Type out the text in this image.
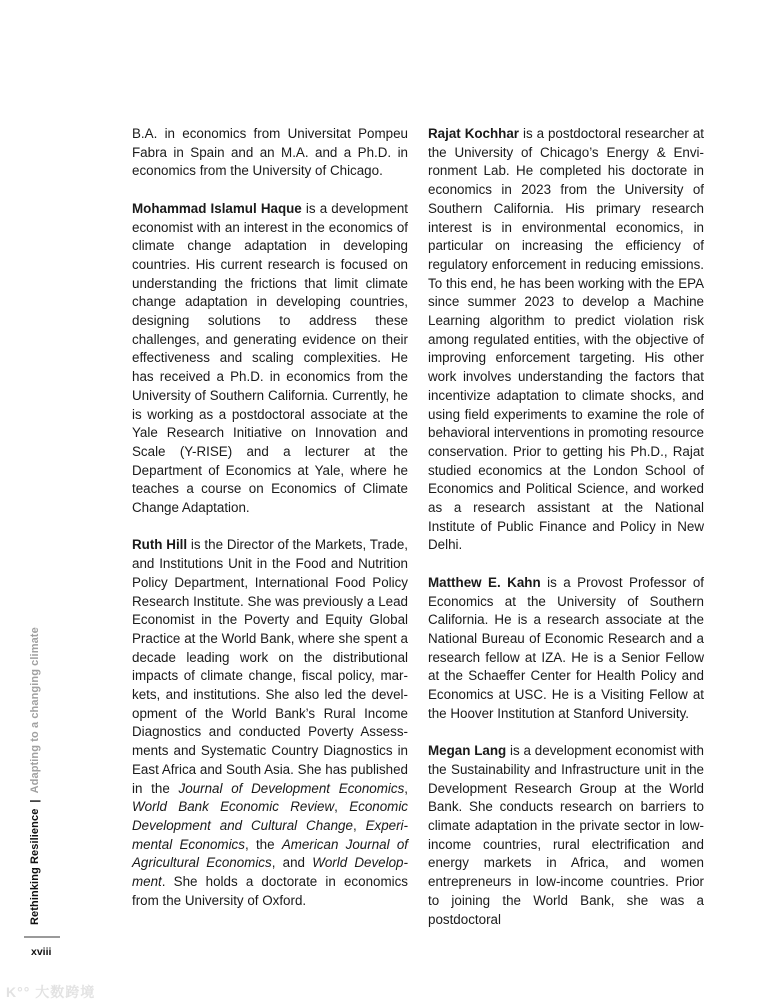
B.A. in economics from Universitat Pompeu Fabra in Spain and an M.A. and a Ph.D. in economics from the University of Chicago.

Mohammad Islamul Haque is a development economist with an interest in the economics of climate change adaptation in developing countries. His current research is focused on understanding the frictions that limit climate change adaptation in developing countries, designing solutions to address these challenges, and generating evidence on their effectiveness and scaling complexities. He has received a Ph.D. in economics from the University of Southern California. Currently, he is working as a postdoctoral associate at the Yale Research Initiative on Innovation and Scale (Y-RISE) and a lecturer at the Department of Economics at Yale, where he teaches a course on Economics of Climate Change Adaptation.

Ruth Hill is the Director of the Markets, Trade, and Institutions Unit in the Food and Nutrition Policy Department, International Food Policy Research Institute. She was previously a Lead Economist in the Poverty and Equity Global Practice at the World Bank, where she spent a decade leading work on the distributional impacts of climate change, fiscal policy, markets, and institutions. She also led the development of the World Bank’s Rural Income Diagnostics and conducted Poverty Assessments and Systematic Country Diagnostics in East Africa and South Asia. She has published in the Journal of Development Economics, World Bank Economic Review, Economic Development and Cultural Change, Experimental Economics, the American Journal of Agricultural Economics, and World Development. She holds a doctorate in economics from the University of Oxford.

Rajat Kochhar is a postdoctoral researcher at the University of Chicago’s Energy & Environment Lab. He completed his doctorate in economics in 2023 from the University of Southern California. His primary research interest is in environmental economics, in particular on increasing the efficiency of regulatory enforcement in reducing emissions. To this end, he has been working with the EPA since summer 2023 to develop a Machine Learning algorithm to predict violation risk among regulated entities, with the objective of improving enforcement targeting. His other work involves understanding the factors that incentivize adaptation to climate shocks, and using field experiments to examine the role of behavioral interventions in promoting resource conservation. Prior to getting his Ph.D., Rajat studied economics at the London School of Economics and Political Science, and worked as a research assistant at the National Institute of Public Finance and Policy in New Delhi.

Matthew E. Kahn is a Provost Professor of Economics at the University of Southern California. He is a research associate at the National Bureau of Economic Research and a research fellow at IZA. He is a Senior Fellow at the Schaeffer Center for Health Policy and Economics at USC. He is a Visiting Fellow at the Hoover Institution at Stanford University.

Megan Lang is a development economist with the Sustainability and Infrastructure unit in the Development Research Group at the World Bank. She conducts research on barriers to climate adaptation in the private sector in low-income countries, rural electrification and energy markets in Africa, and women entrepreneurs in low-income countries. Prior to joining the World Bank, she was a postdoctoral

Rethinking Resilience|Adapting to a changing climate
xviii
K°° 大数跨境
